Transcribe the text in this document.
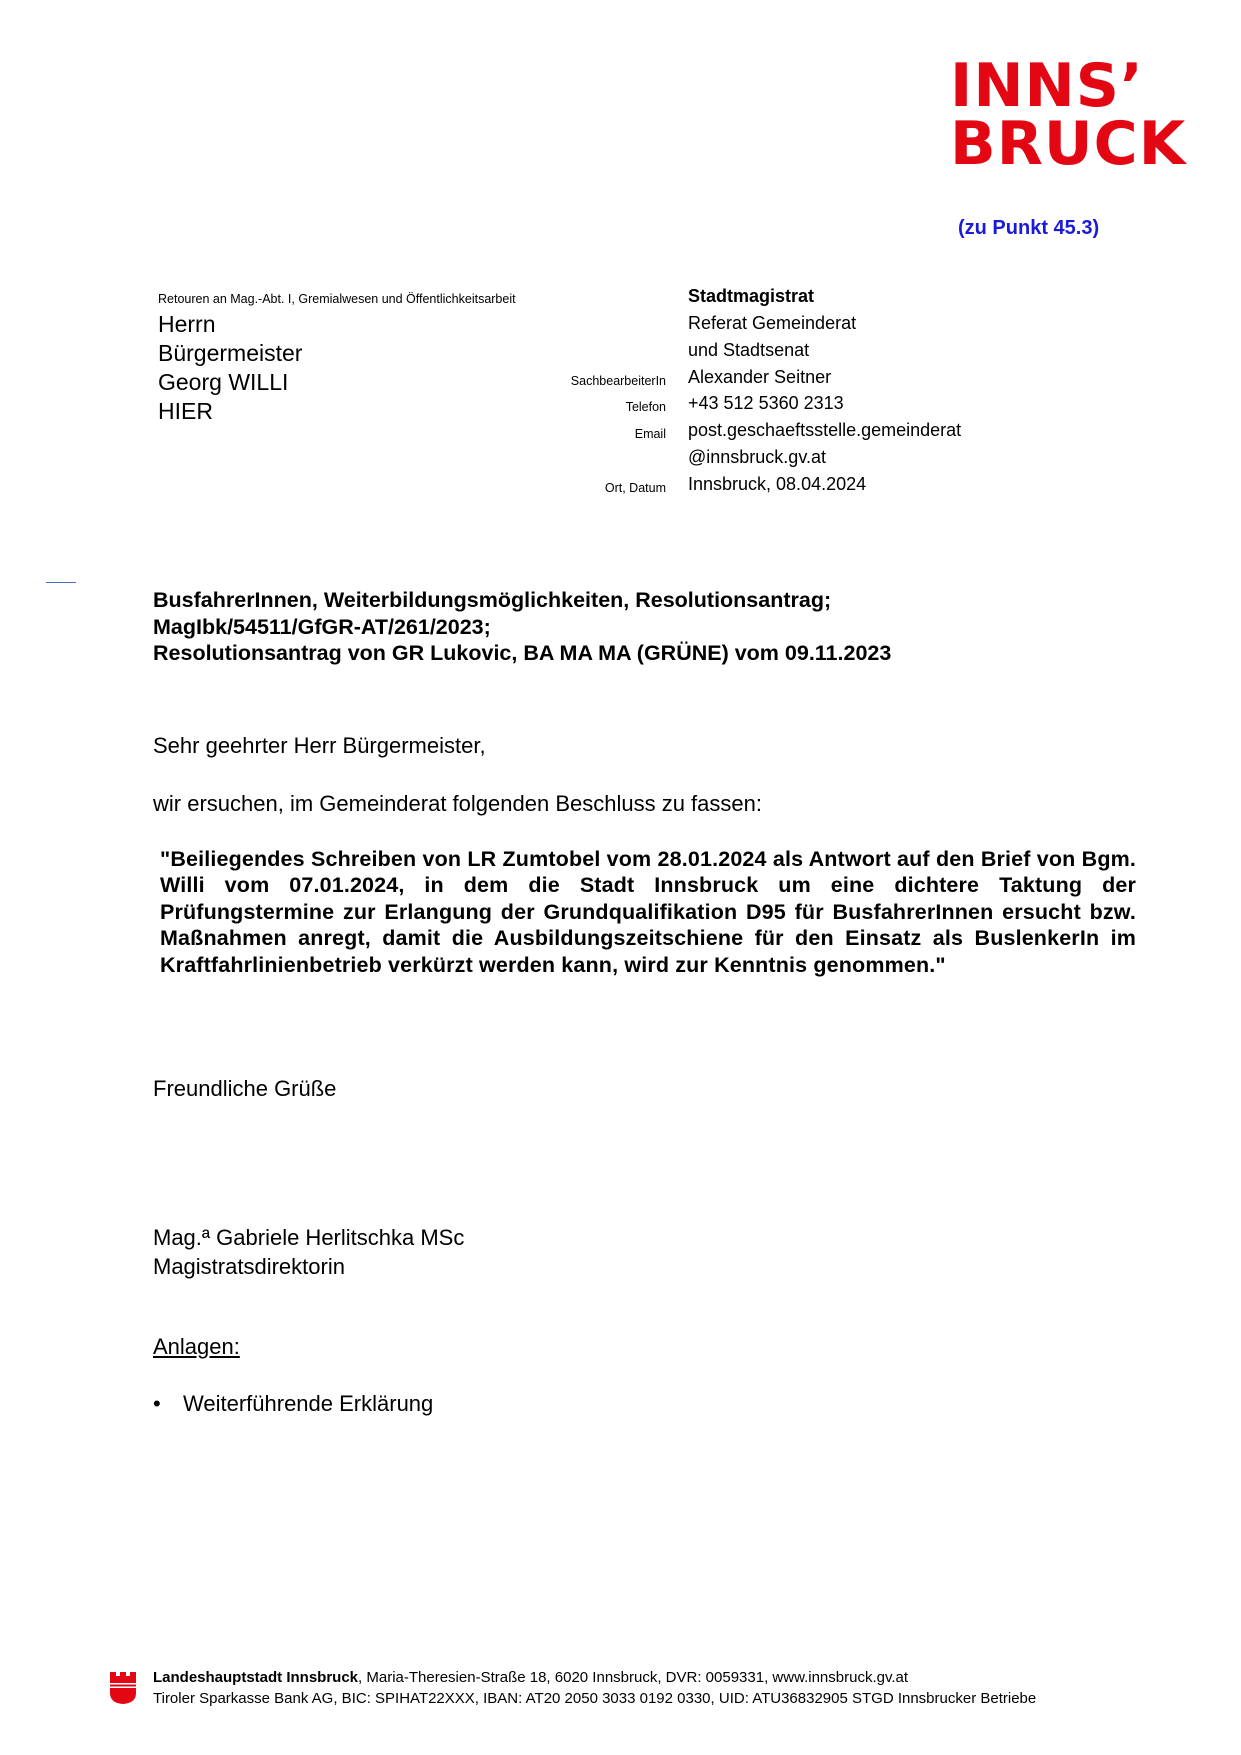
INNS’
BRUCK
(zu Punkt 45.3)
Retouren an Mag.-Abt. I, Gremialwesen und Öffentlichkeitsarbeit
Herrn
Bürgermeister
Georg WILLI
HIER
Stadtmagistrat
Referat Gemeinderat
und Stadtsenat
SachbearbeiterIn Alexander Seitner
Telefon +43 512 5360 2313
Email post.geschaeftsstelle.gemeinderat
@innsbruck.gv.at
Ort, Datum Innsbruck, 08.04.2024
BusfahrerInnen, Weiterbildungsmöglichkeiten, Resolutionsantrag;
MagIbk/54511/GfGR-AT/261/2023;
Resolutionsantrag von GR Lukovic, BA MA MA (GRÜNE) vom 09.11.2023
Sehr geehrter Herr Bürgermeister,
wir ersuchen, im Gemeinderat folgenden Beschluss zu fassen:
"Beiliegendes Schreiben von LR Zumtobel vom 28.01.2024 als Antwort auf den Brief von Bgm. Willi vom 07.01.2024, in dem die Stadt Innsbruck um eine dichtere Taktung der Prüfungstermine zur Erlangung der Grundqualifikation D95 für BusfahrerInnen ersucht bzw. Maßnahmen anregt, damit die Ausbildungszeitschiene für den Einsatz als BuslenkerIn im Kraftfahrlinienbetrieb verkürzt werden kann, wird zur Kenntnis genommen."
Freundliche Grüße
Mag.ª Gabriele Herlitschka MSc
Magistratsdirektorin
Anlagen:
• Weiterführende Erklärung
Landeshauptstadt Innsbruck, Maria-Theresien-Straße 18, 6020 Innsbruck, DVR: 0059331, www.innsbruck.gv.at
Tiroler Sparkasse Bank AG, BIC: SPIHAT22XXX, IBAN: AT20 2050 3033 0192 0330, UID: ATU36832905 STGD Innsbrucker Betriebe
